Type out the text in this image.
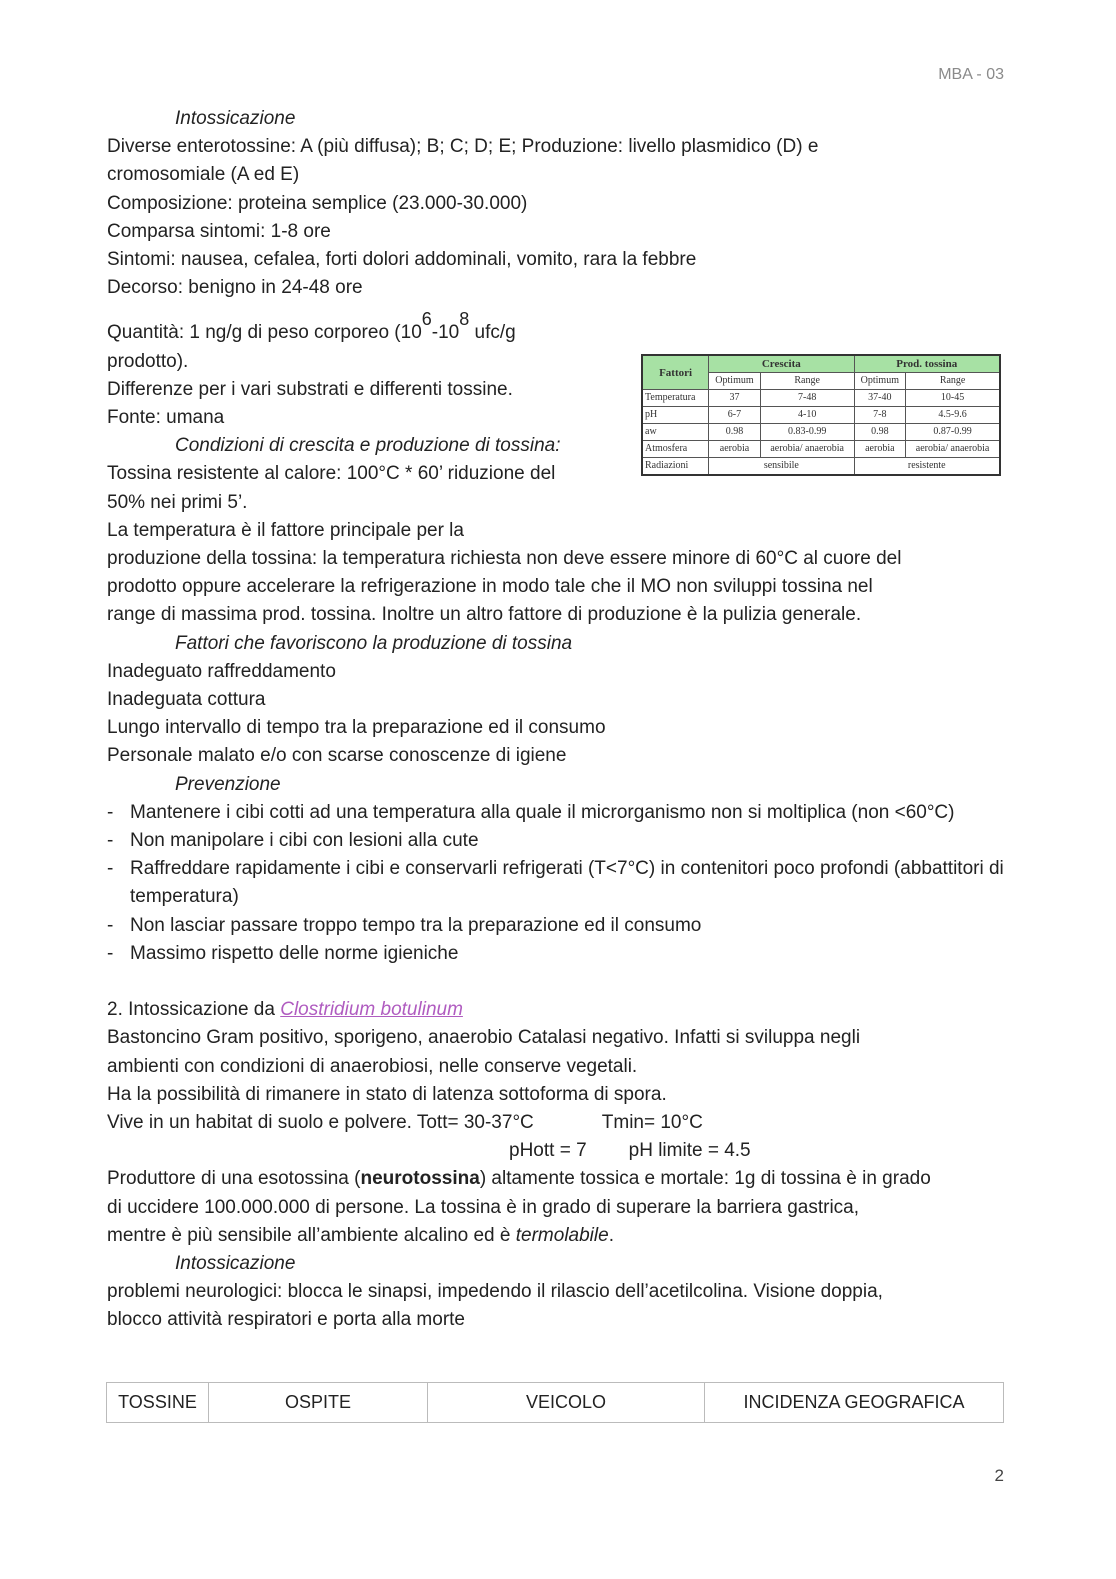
MBA - 03
Intossicazione
Diverse enterotossine: A (più diffusa); B; C; D; E; Produzione: livello plasmidico (D) e
cromosomiale (A ed E)
Composizione: proteina semplice (23.000-30.000)
Comparsa sintomi: 1-8 ore
Sintomi: nausea, cefalea, forti dolori addominali, vomito, rara la febbre
Decorso: benigno in 24-48 ore
Quantità: 1 ng/g di peso corporeo (106-108 ufc/g
prodotto).
Differenze per i vari substrati e differenti tossine.
Fonte: umana
Condizioni di crescita e produzione di tossina:
Tossina resistente al calore: 100°C * 60’ riduzione del
50% nei primi 5’.
La temperatura è il fattore principale per la
produzione della tossina: la temperatura richiesta non deve essere minore di 60°C al cuore del
prodotto oppure accelerare la refrigerazione in modo tale che il MO non sviluppi tossina nel
range di massima prod. tossina. Inoltre un altro fattore di produzione è la pulizia generale.
Fattori che favoriscono la produzione di tossina
Inadeguato raffreddamento
Inadeguata cottura
Lungo intervallo di tempo tra la preparazione ed il consumo
Personale malato e/o con scarse conoscenze di igiene
Prevenzione
- Mantenere i cibi cotti ad una temperatura alla quale il microrganismo non si moltiplica (non <60°C)
- Non manipolare i cibi con lesioni alla cute
- Raffreddare rapidamente i cibi e conservarli refrigerati (T<7°C) in contenitori poco profondi (abbattitori di temperatura)
- Non lasciar passare troppo tempo tra la preparazione ed il consumo
- Massimo rispetto delle norme igieniche
2. Intossicazione da Clostridium botulinum
Bastoncino Gram positivo, sporigeno, anaerobio Catalasi negativo. Infatti si sviluppa negli
ambienti con condizioni di anaerobiosi, nelle conserve vegetali.
Ha la possibilità di rimanere in stato di latenza sottoforma di spora.
Vive in un habitat di suolo e polvere. Tott= 30-37°C	Tmin= 10°C
pHott = 7 pH limite = 4.5
Produttore di una esotossina (neurotossina) altamente tossica e mortale: 1g di tossina è in grado
di uccidere 100.000.000 di persone. La tossina è in grado di superare la barriera gastrica,
mentre è più sensibile all’ambiente alcalino ed è termolabile.
Intossicazione
problemi neurologici: blocca le sinapsi, impedendo il rilascio dell’acetilcolina. Visione doppia,
blocco attività respiratori e porta alla morte
Fattori	Crescita		Prod. tossina	
	Optimum	Range	Optimum	Range
Temperatura	37	7-48	37-40	10-45
pH	6-7	4-10	7-8	4.5-9.6
aw	0.98	0.83-0.99	0.98	0.87-0.99
Atmosfera	aerobia	aerobia/ anaerobia	aerobia	aerobia/ anaerobia
Radiazioni	sensibile		resistente	
TOSSINE	OSPITE	VEICOLO	INCIDENZA GEOGRAFICA
2
